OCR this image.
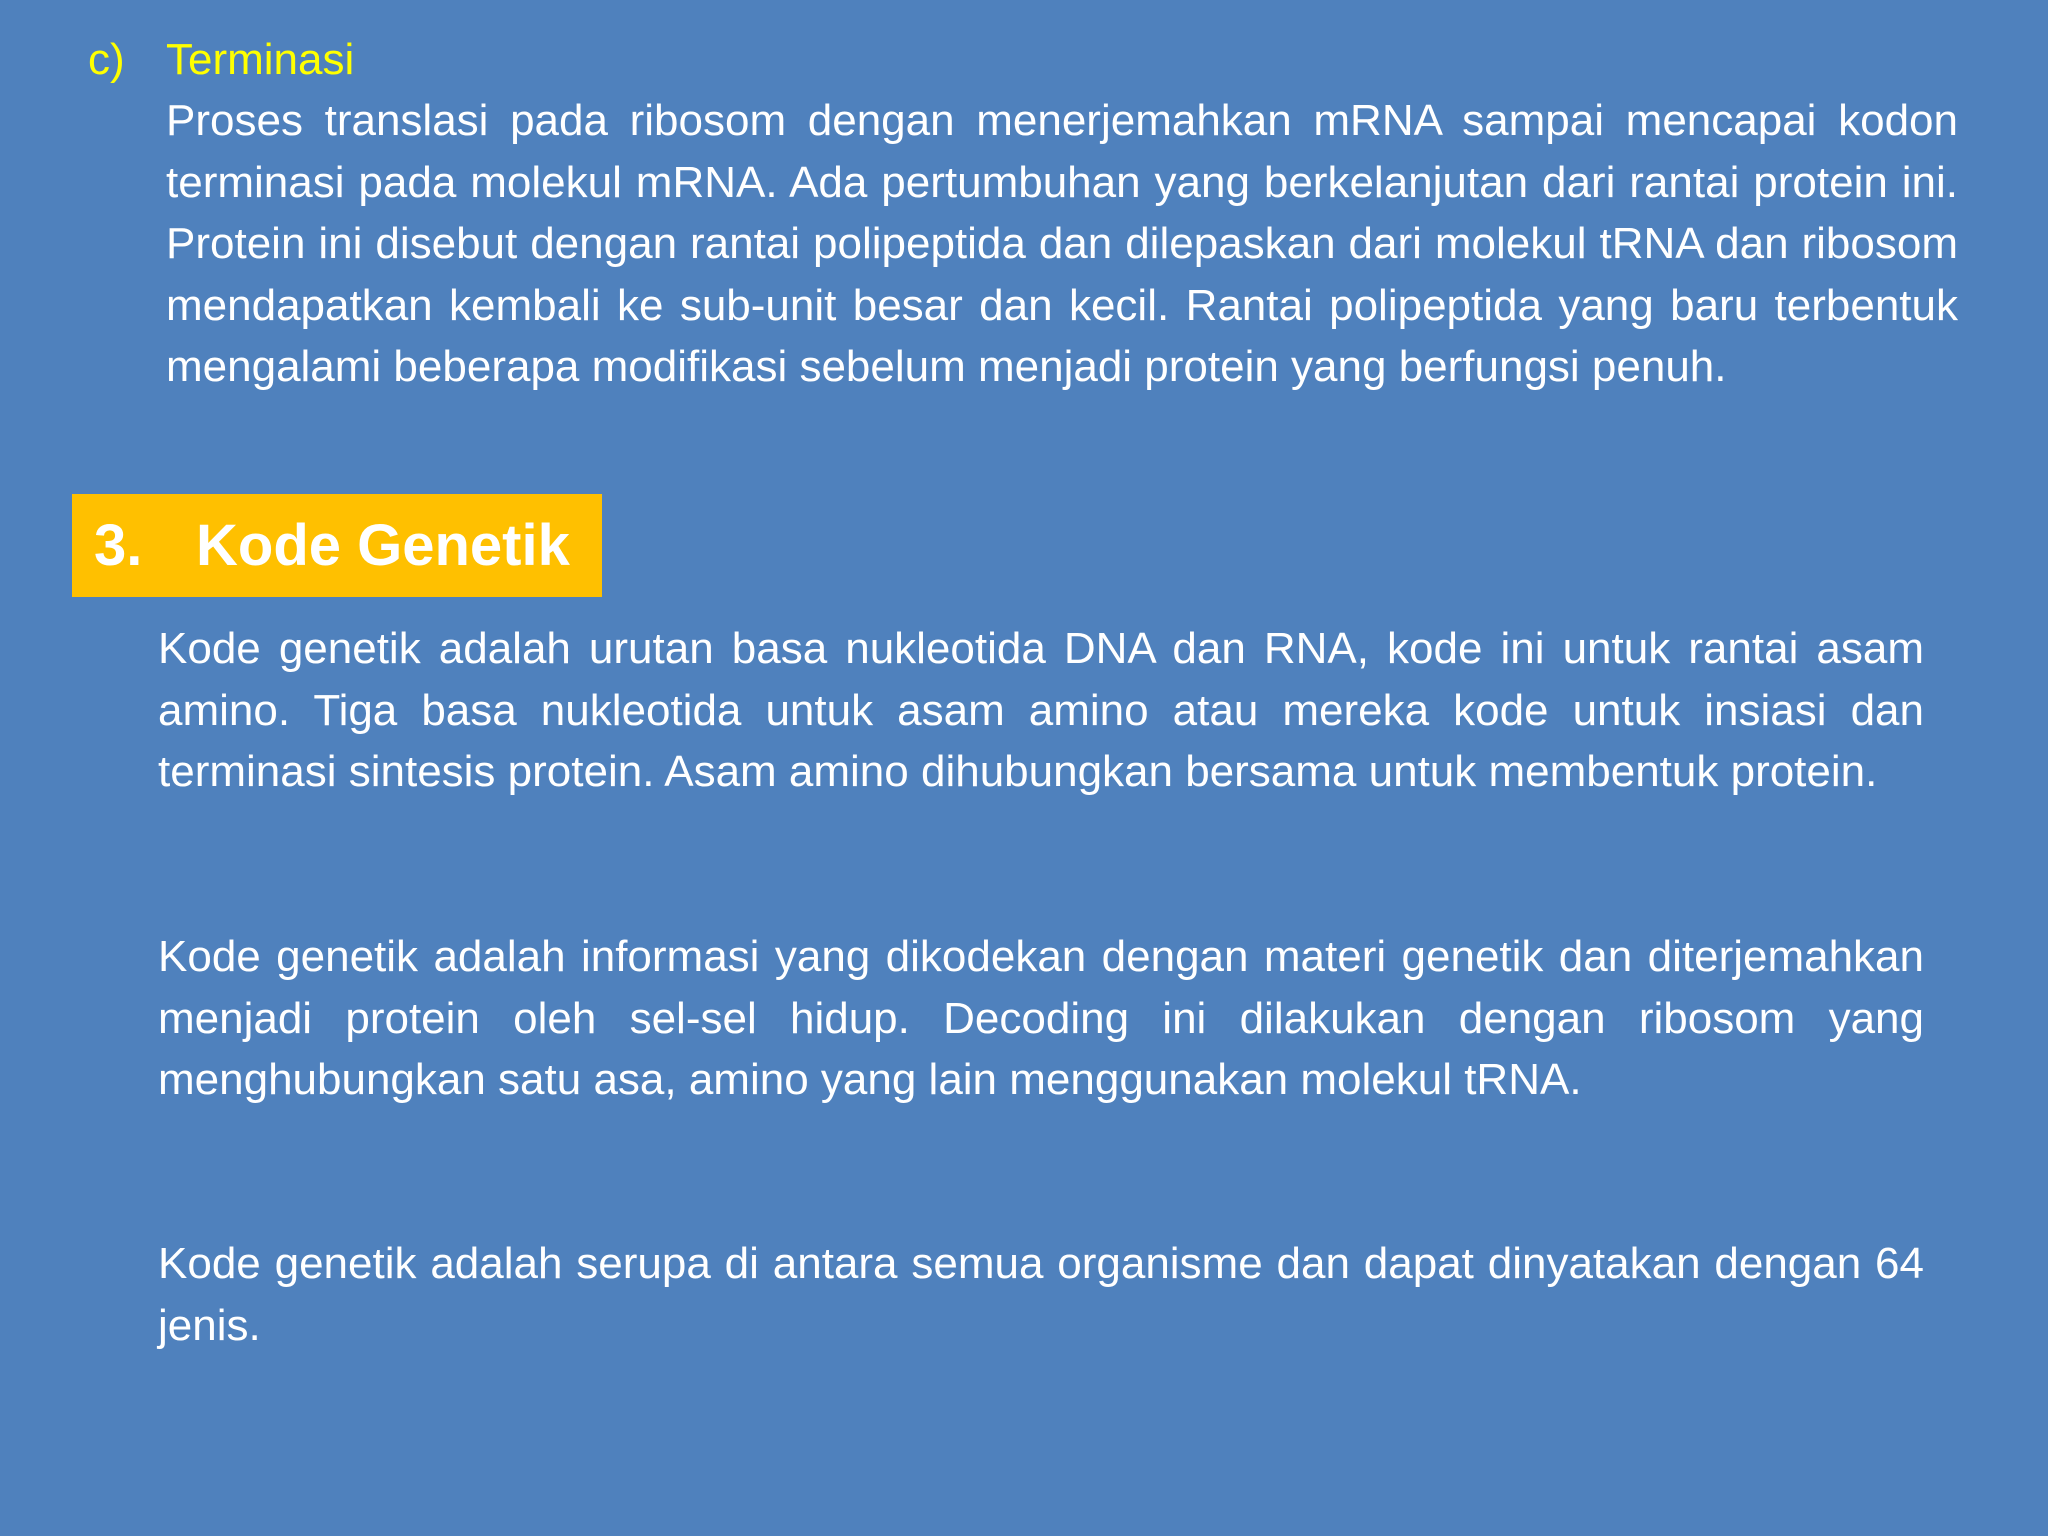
c) Terminasi

Proses translasi pada ribosom dengan menerjemahkan mRNA sampai mencapai kodon terminasi pada molekul mRNA. Ada pertumbuhan yang berkelanjutan dari rantai protein ini. Protein ini disebut dengan rantai polipeptida dan dilepaskan dari molekul tRNA dan ribosom mendapatkan kembali ke sub-unit besar dan kecil. Rantai polipeptida yang baru terbentuk mengalami beberapa modifikasi sebelum menjadi protein yang berfungsi penuh.

3. Kode Genetik

Kode genetik adalah urutan basa nukleotida DNA dan RNA, kode ini untuk rantai asam amino. Tiga basa nukleotida untuk asam amino atau mereka kode untuk insiasi dan terminasi sintesis protein. Asam amino dihubungkan bersama untuk membentuk protein.

Kode genetik adalah informasi yang dikodekan dengan materi genetik dan diterjemahkan menjadi protein oleh sel-sel hidup. Decoding ini dilakukan dengan ribosom yang menghubungkan satu asa, amino yang lain menggunakan molekul tRNA.

Kode genetik adalah serupa di antara semua organisme dan dapat dinyatakan dengan 64 jenis.
